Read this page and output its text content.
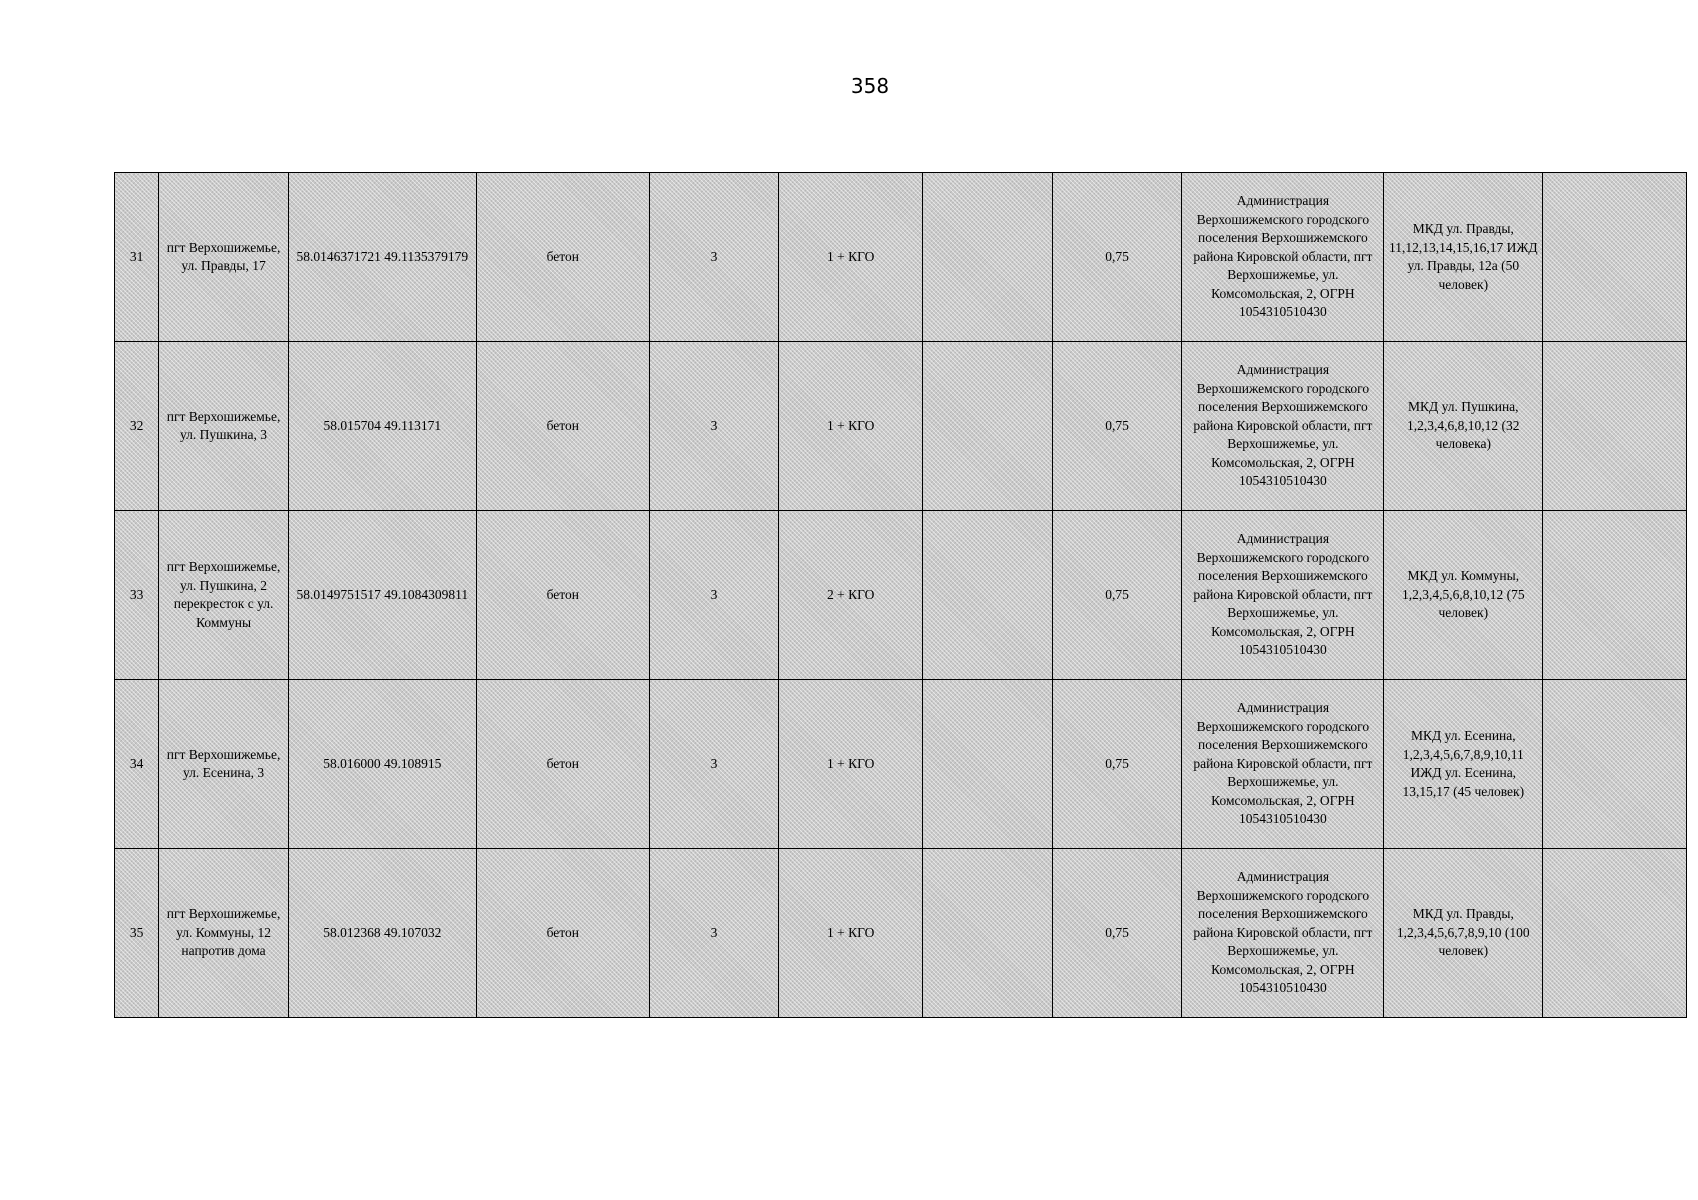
358
31	пгт Верхошижемье, ул. Правды, 17	58.0146371721 49.1135379179	бетон	3	1 + КГО		0,75	Администрация Верхошижемского городского поселения Верхошижемского района Кировской области, пгт Верхошижемье, ул. Комсомольская, 2, ОГРН 1054310510430	МКД ул. Правды, 11,12,13,14,15,16,17 ИЖД ул. Правды, 12а (50 человек)	
32	пгт Верхошижемье, ул. Пушкина, 3	58.015704 49.113171	бетон	3	1 + КГО		0,75	Администрация Верхошижемского городского поселения Верхошижемского района Кировской области, пгт Верхошижемье, ул. Комсомольская, 2, ОГРН 1054310510430	МКД ул. Пушкина, 1,2,3,4,6,8,10,12 (32 человека)	
33	пгт Верхошижемье, ул. Пушкина, 2 перекресток с ул. Коммуны	58.0149751517 49.1084309811	бетон	3	2 + КГО		0,75	Администрация Верхошижемского городского поселения Верхошижемского района Кировской области, пгт Верхошижемье, ул. Комсомольская, 2, ОГРН 1054310510430	МКД ул. Коммуны, 1,2,3,4,5,6,8,10,12 (75 человек)	
34	пгт Верхошижемье, ул. Есенина, 3	58.016000 49.108915	бетон	3	1 + КГО		0,75	Администрация Верхошижемского городского поселения Верхошижемского района Кировской области, пгт Верхошижемье, ул. Комсомольская, 2, ОГРН 1054310510430	МКД ул. Есенина, 1,2,3,4,5,6,7,8,9,10,11 ИЖД ул. Есенина, 13,15,17 (45 человек)	
35	пгт Верхошижемье, ул. Коммуны, 12 напротив дома	58.012368 49.107032	бетон	3	1 + КГО		0,75	Администрация Верхошижемского городского поселения Верхошижемского района Кировской области, пгт Верхошижемье, ул. Комсомольская, 2, ОГРН 1054310510430	МКД ул. Правды, 1,2,3,4,5,6,7,8,9,10 (100 человек)	
